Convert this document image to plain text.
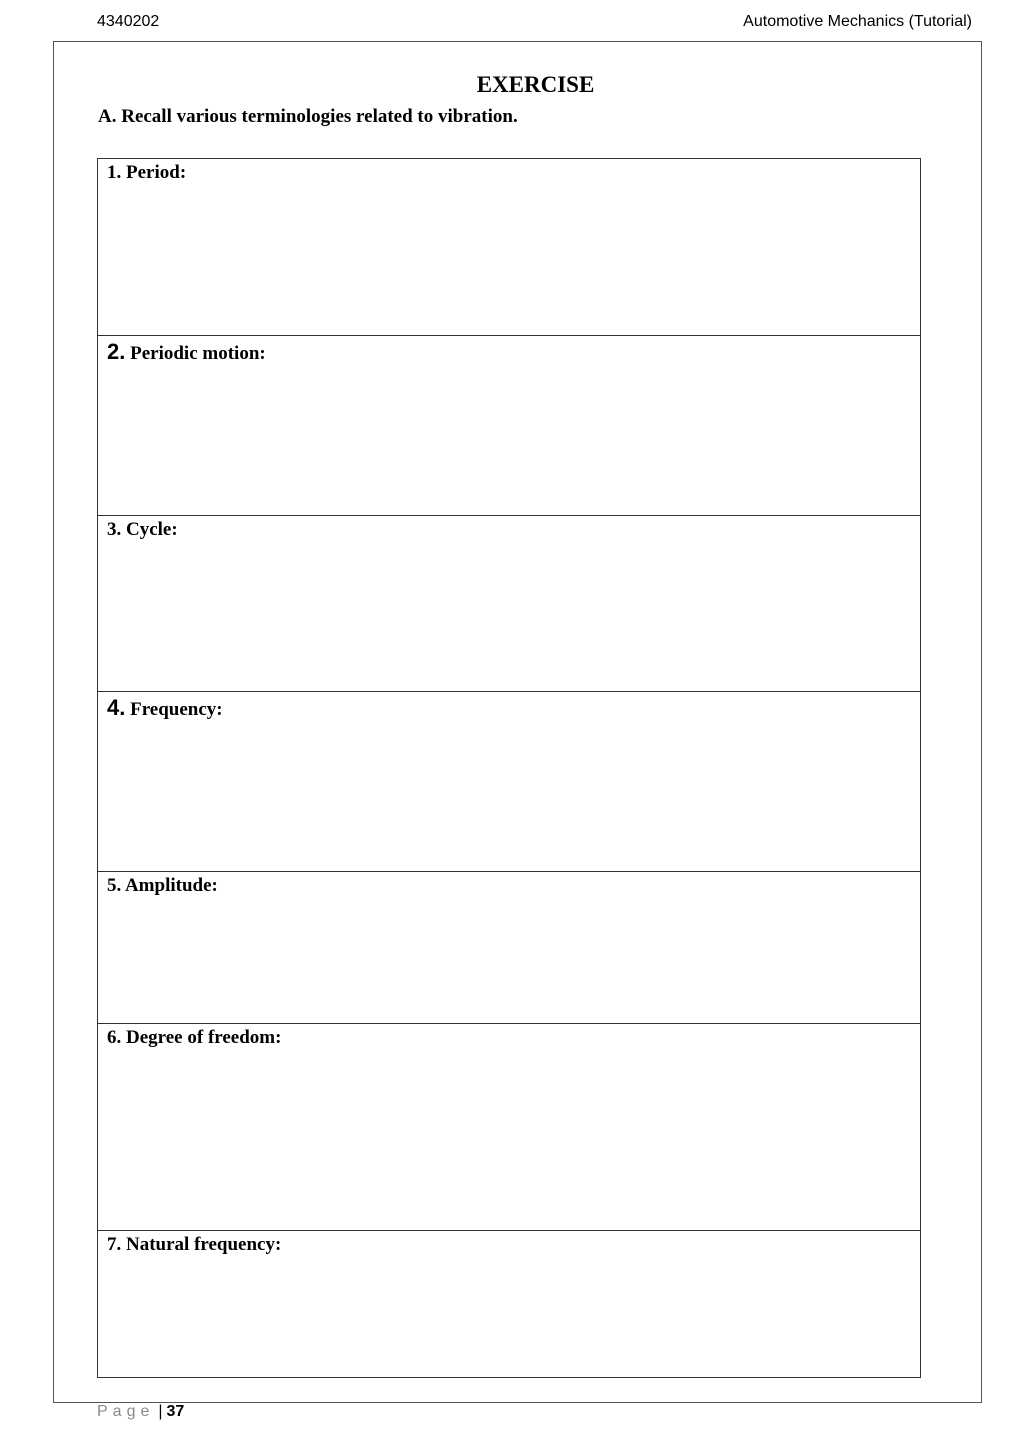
4340202	Automotive Mechanics (Tutorial)
EXERCISE
A. Recall various terminologies related to vibration.
1. Period:
2. Periodic motion:
3. Cycle:
4. Frequency:
5. Amplitude:
6. Degree of freedom:
7. Natural frequency:
Page | 37
